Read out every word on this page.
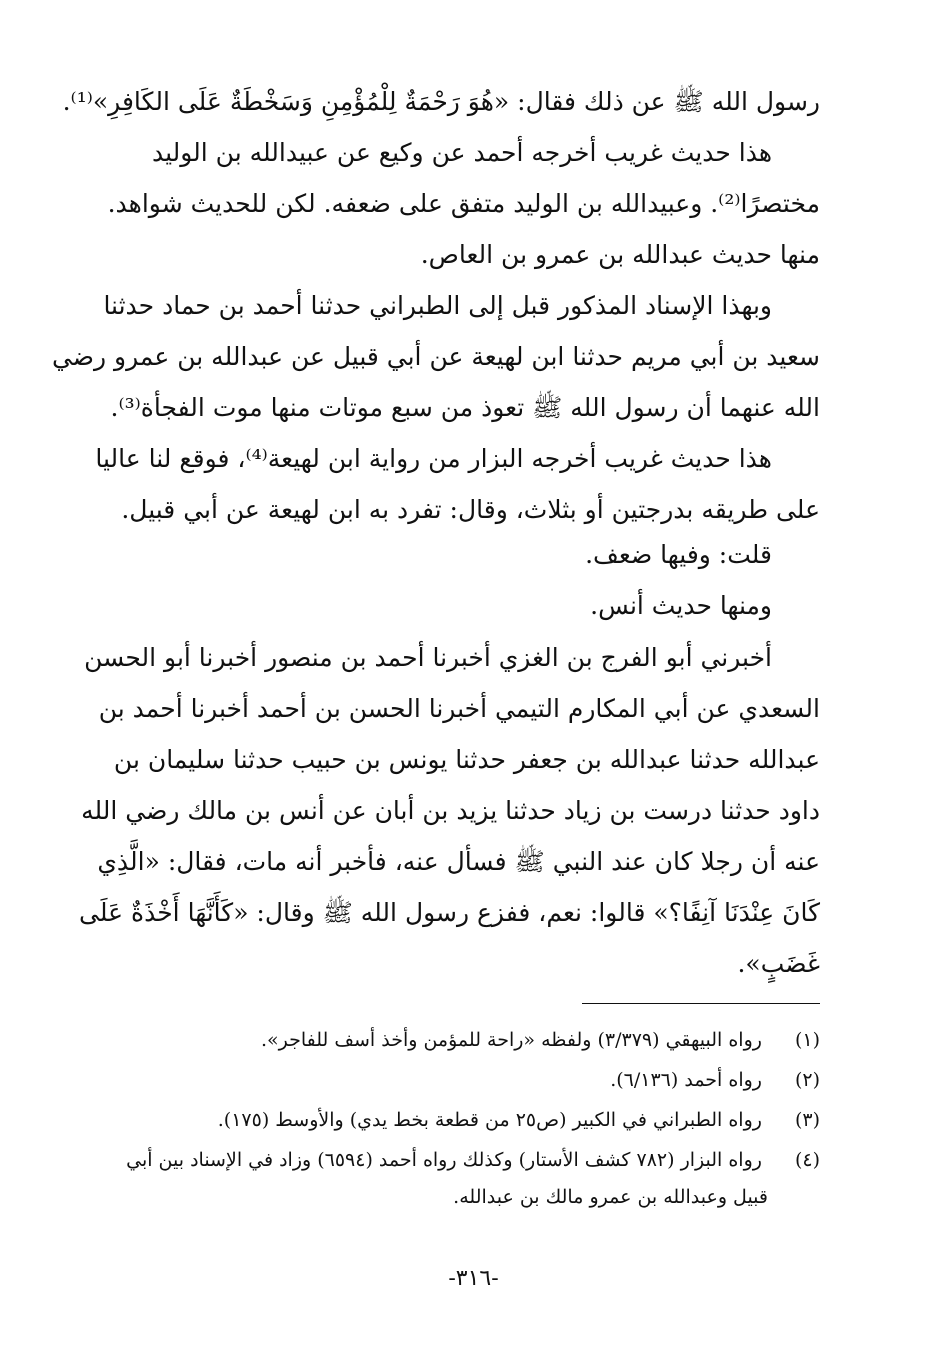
رسول الله ﷺ عن ذلك فقال: «هُوَ رَحْمَةٌ لِلْمُؤْمِنِ وَسَخْطَةٌ عَلَى الكَافِرِ»⁽¹⁾.
هذا حديث غريب أخرجه أحمد عن وكيع عن عبيدالله بن الوليد
مختصرًا⁽²⁾. وعبيدالله بن الوليد متفق على ضعفه. لكن للحديث شواهد.
منها حديث عبدالله بن عمرو بن العاص.
وبهذا الإسناد المذكور قبل إلى الطبراني حدثنا أحمد بن حماد حدثنا
سعيد بن أبي مريم حدثنا ابن لهيعة عن أبي قبيل عن عبدالله بن عمرو رضي
الله عنهما أن رسول الله ﷺ تعوذ من سبع موتات منها موت الفجأة⁽³⁾.
هذا حديث غريب أخرجه البزار من رواية ابن لهيعة⁽⁴⁾، فوقع لنا عاليا
على طريقه بدرجتين أو بثلاث، وقال: تفرد به ابن لهيعة عن أبي قبيل.
قلت: وفيها ضعف.
ومنها حديث أنس.
أخبرني أبو الفرج بن الغزي أخبرنا أحمد بن منصور أخبرنا أبو الحسن
السعدي عن أبي المكارم التيمي أخبرنا الحسن بن أحمد أخبرنا أحمد بن
عبدالله حدثنا عبدالله بن جعفر حدثنا يونس بن حبيب حدثنا سليمان بن
داود حدثنا درست بن زياد حدثنا يزيد بن أبان عن أنس بن مالك رضي الله
عنه أن رجلا كان عند النبي ﷺ فسأل عنه، فأخبر أنه مات، فقال: «الَّذِي
كَانَ عِنْدَنَا آنِفًا؟» قالوا: نعم، ففزع رسول الله ﷺ وقال: «كَأَنَّهَا أَخْذَةٌ عَلَى
غَضَبٍ».
(١) رواه البيهقي (٣/٣٧٩) ولفظه «راحة للمؤمن وأخذ أسف للفاجر».
(٢) رواه أحمد (٦/١٣٦).
(٣) رواه الطبراني في الكبير (ص٢٥ من قطعة بخط يدي) والأوسط (١٧٥).
(٤) رواه البزار (٧٨٢ كشف الأستار) وكذلك رواه أحمد (٦٥٩٤) وزاد في الإسناد بين أبي
قبيل وعبدالله بن عمرو مالك بن عبدالله.
-٣١٦-
